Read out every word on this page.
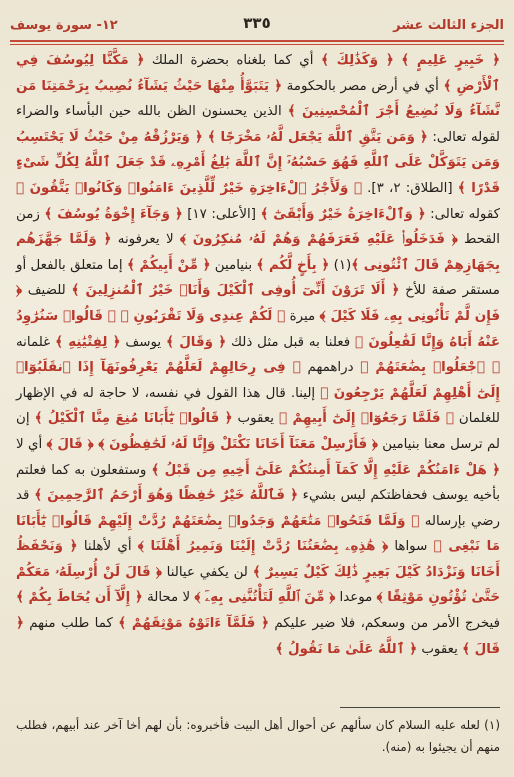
الجزء الثالث عشر
٣٣٥
١٢- سورة يوسف
﴿ خَبِيرٍ عَلِيمٍ ﴾ ﴿ وَكَذَٰلِكَ ﴾ أي كما بلغناه بحضرة الملك ﴿ مَكَّنَّا لِيُوسُفَ فِي ٱلْأَرْضِ ﴾ أي في أرض مصر بالحكومة ﴿ يَتَبَوَّأُ مِنْهَا حَيْثُ يَشَآءُ نُصِيبُ بِرَحْمَتِنَا مَن نَّشَآءُ وَلَا نُضِيعُ أَجْرَ ٱلْمُحْسِنِينَ ﴾ الذين يحسنون الظن بالله حين البأساء والضراء لقوله تعالى: ﴿ وَمَن يَتَّقِ ٱللَّهَ يَجْعَل لَّهُۥ مَخْرَجًا ﴾ ﴿ وَيَرْزُقْهُ مِنْ حَيْثُ لَا يَحْتَسِبُ وَمَن يَتَوَكَّلْ عَلَى ٱللَّهِ فَهُوَ حَسْبُهُۥٓ إِنَّ ٱللَّهَ بَٰلِغُ أَمْرِهِۦ قَدْ جَعَلَ ٱللَّهُ لِكُلِّ شَىْءٍ قَدْرًا ﴾ [الطلاق: ٢، ٣]. ﴿ وَلَأَجْرُ ٱلْءَاخِرَةِ خَيْرٌ لِّلَّذِينَ ءَامَنُوا۟ وَكَانُوا۟ يَتَّقُونَ ﴾ كقوله تعالى: ﴿ وَٱلْءَاخِرَةُ خَيْرٌ وَأَبْقَىٰٓ ﴾ [الأعلى: ١٧] ﴿ وَجَآءَ إِخْوَةُ يُوسُفَ ﴾ زمن القحط ﴿ فَدَخَلُوا۟ عَلَيْهِ فَعَرَفَهُمْ وَهُمْ لَهُۥ مُنكِرُونَ ﴾ لا يعرفونه ﴿ وَلَمَّا جَهَّزَهُم بِجَهَازِهِمْ قَالَ ٱئْتُونِى ﴾(١) ﴿ بِأَخٍ لَّكُم ﴾ بنيامين ﴿ مِّنْ أَبِيكُمْ ﴾ إما متعلق بالفعل أو مستقر صفة للأخ ﴿ أَلَا تَرَوْنَ أَنِّىٓ أُوفِى ٱلْكَيْلَ وَأَنَا۠ خَيْرُ ٱلْمُنزِلِينَ ﴾ للضيف ﴿ فَإِن لَّمْ تَأْتُونِى بِهِۦ فَلَا كَيْلَ ﴾ ميرة ﴿ لَكُمْ عِندِى وَلَا تَقْرَبُونِ ﴾ ﴿ قَالُوا۟ سَنُرَٰوِدُ عَنْهُ أَبَاهُ وَإِنَّا لَفَٰعِلُونَ ﴾ فعلنا به قبل مثل ذلك ﴿ وَقَالَ ﴾ يوسف ﴿ لِفِتْيَٰنِهِ ﴾ غلمانه ﴿ ٱجْعَلُوا۟ بِضَٰعَتَهُمْ ﴾ دراهمهم ﴿ فِى رِحَالِهِمْ لَعَلَّهُمْ يَعْرِفُونَهَآ إِذَا ٱنقَلَبُوٓا۟ إِلَىٰٓ أَهْلِهِمْ لَعَلَّهُمْ يَرْجِعُونَ ﴾ إلينا. قال هذا القول في نفسه، لا حاجة له في الإظهار للغلمان ﴿ فَلَمَّا رَجَعُوٓا۟ إِلَىٰٓ أَبِيهِمْ ﴾ يعقوب ﴿ قَالُوا۟ يَٰٓأَبَانَا مُنِعَ مِنَّا ٱلْكَيْلُ ﴾ إن لم ترسل معنا بنيامين ﴿ فَأَرْسِلْ مَعَنَآ أَخَانَا نَكْتَلْ وَإِنَّا لَهُۥ لَحَٰفِظُونَ ﴾ ﴿ قَالَ ﴾ أي لا ﴿ هَلْ ءَامَنُكُمْ عَلَيْهِ إِلَّا كَمَآ أَمِنتُكُمْ عَلَىٰٓ أَخِيهِ مِن قَبْلُ ﴾ وستفعلون به كما فعلتم بأخيه يوسف فحفاظتكم ليس بشيء ﴿ فَٱللَّهُ خَيْرٌ حَٰفِظًا وَهُوَ أَرْحَمُ ٱلرَّٰحِمِينَ ﴾ قد رضي بإرساله ﴿ وَلَمَّا فَتَحُوا۟ مَتَٰعَهُمْ وَجَدُوا۟ بِضَٰعَتَهُمْ رُدَّتْ إِلَيْهِمْ قَالُوا۟ يَٰٓأَبَانَا مَا نَبْغِى ﴾ سواها ﴿ هَٰذِهِۦ بِضَٰعَتُنَا رُدَّتْ إِلَيْنَا وَنَمِيرُ أَهْلَنَا ﴾ أي لأهلنا ﴿ وَنَحْفَظُ أَخَانَا وَنَزْدَادُ كَيْلَ بَعِيرٍ ذَٰلِكَ كَيْلٌ يَسِيرٌ ﴾ لن يكفي عيالنا ﴿ قَالَ لَنْ أُرْسِلَهُۥ مَعَكُمْ حَتَّىٰ تُؤْتُونِ مَوْثِقًا ﴾ موعدا ﴿ مِّنَ ٱللَّهِ لَتَأْتُنَّنِى بِهِۦٓ ﴾ لا محالة ﴿ إِلَّآ أَن يُحَاطَ بِكُمْ ﴾ فيخرج الأمر من وسعكم، فلا ضير عليكم ﴿ فَلَمَّآ ءَاتَوْهُ مَوْثِقَهُمْ ﴾ كما طلب منهم ﴿ قَالَ ﴾ يعقوب ﴿ ٱللَّهُ عَلَىٰ مَا نَقُولُ ﴾
(١) لعله عليه السلام كان سألهم عن أحوال أهل البيت فأخبروه: بأن لهم أخا آخر عند أبيهم، فطلب منهم أن يجيئوا به (منه).
